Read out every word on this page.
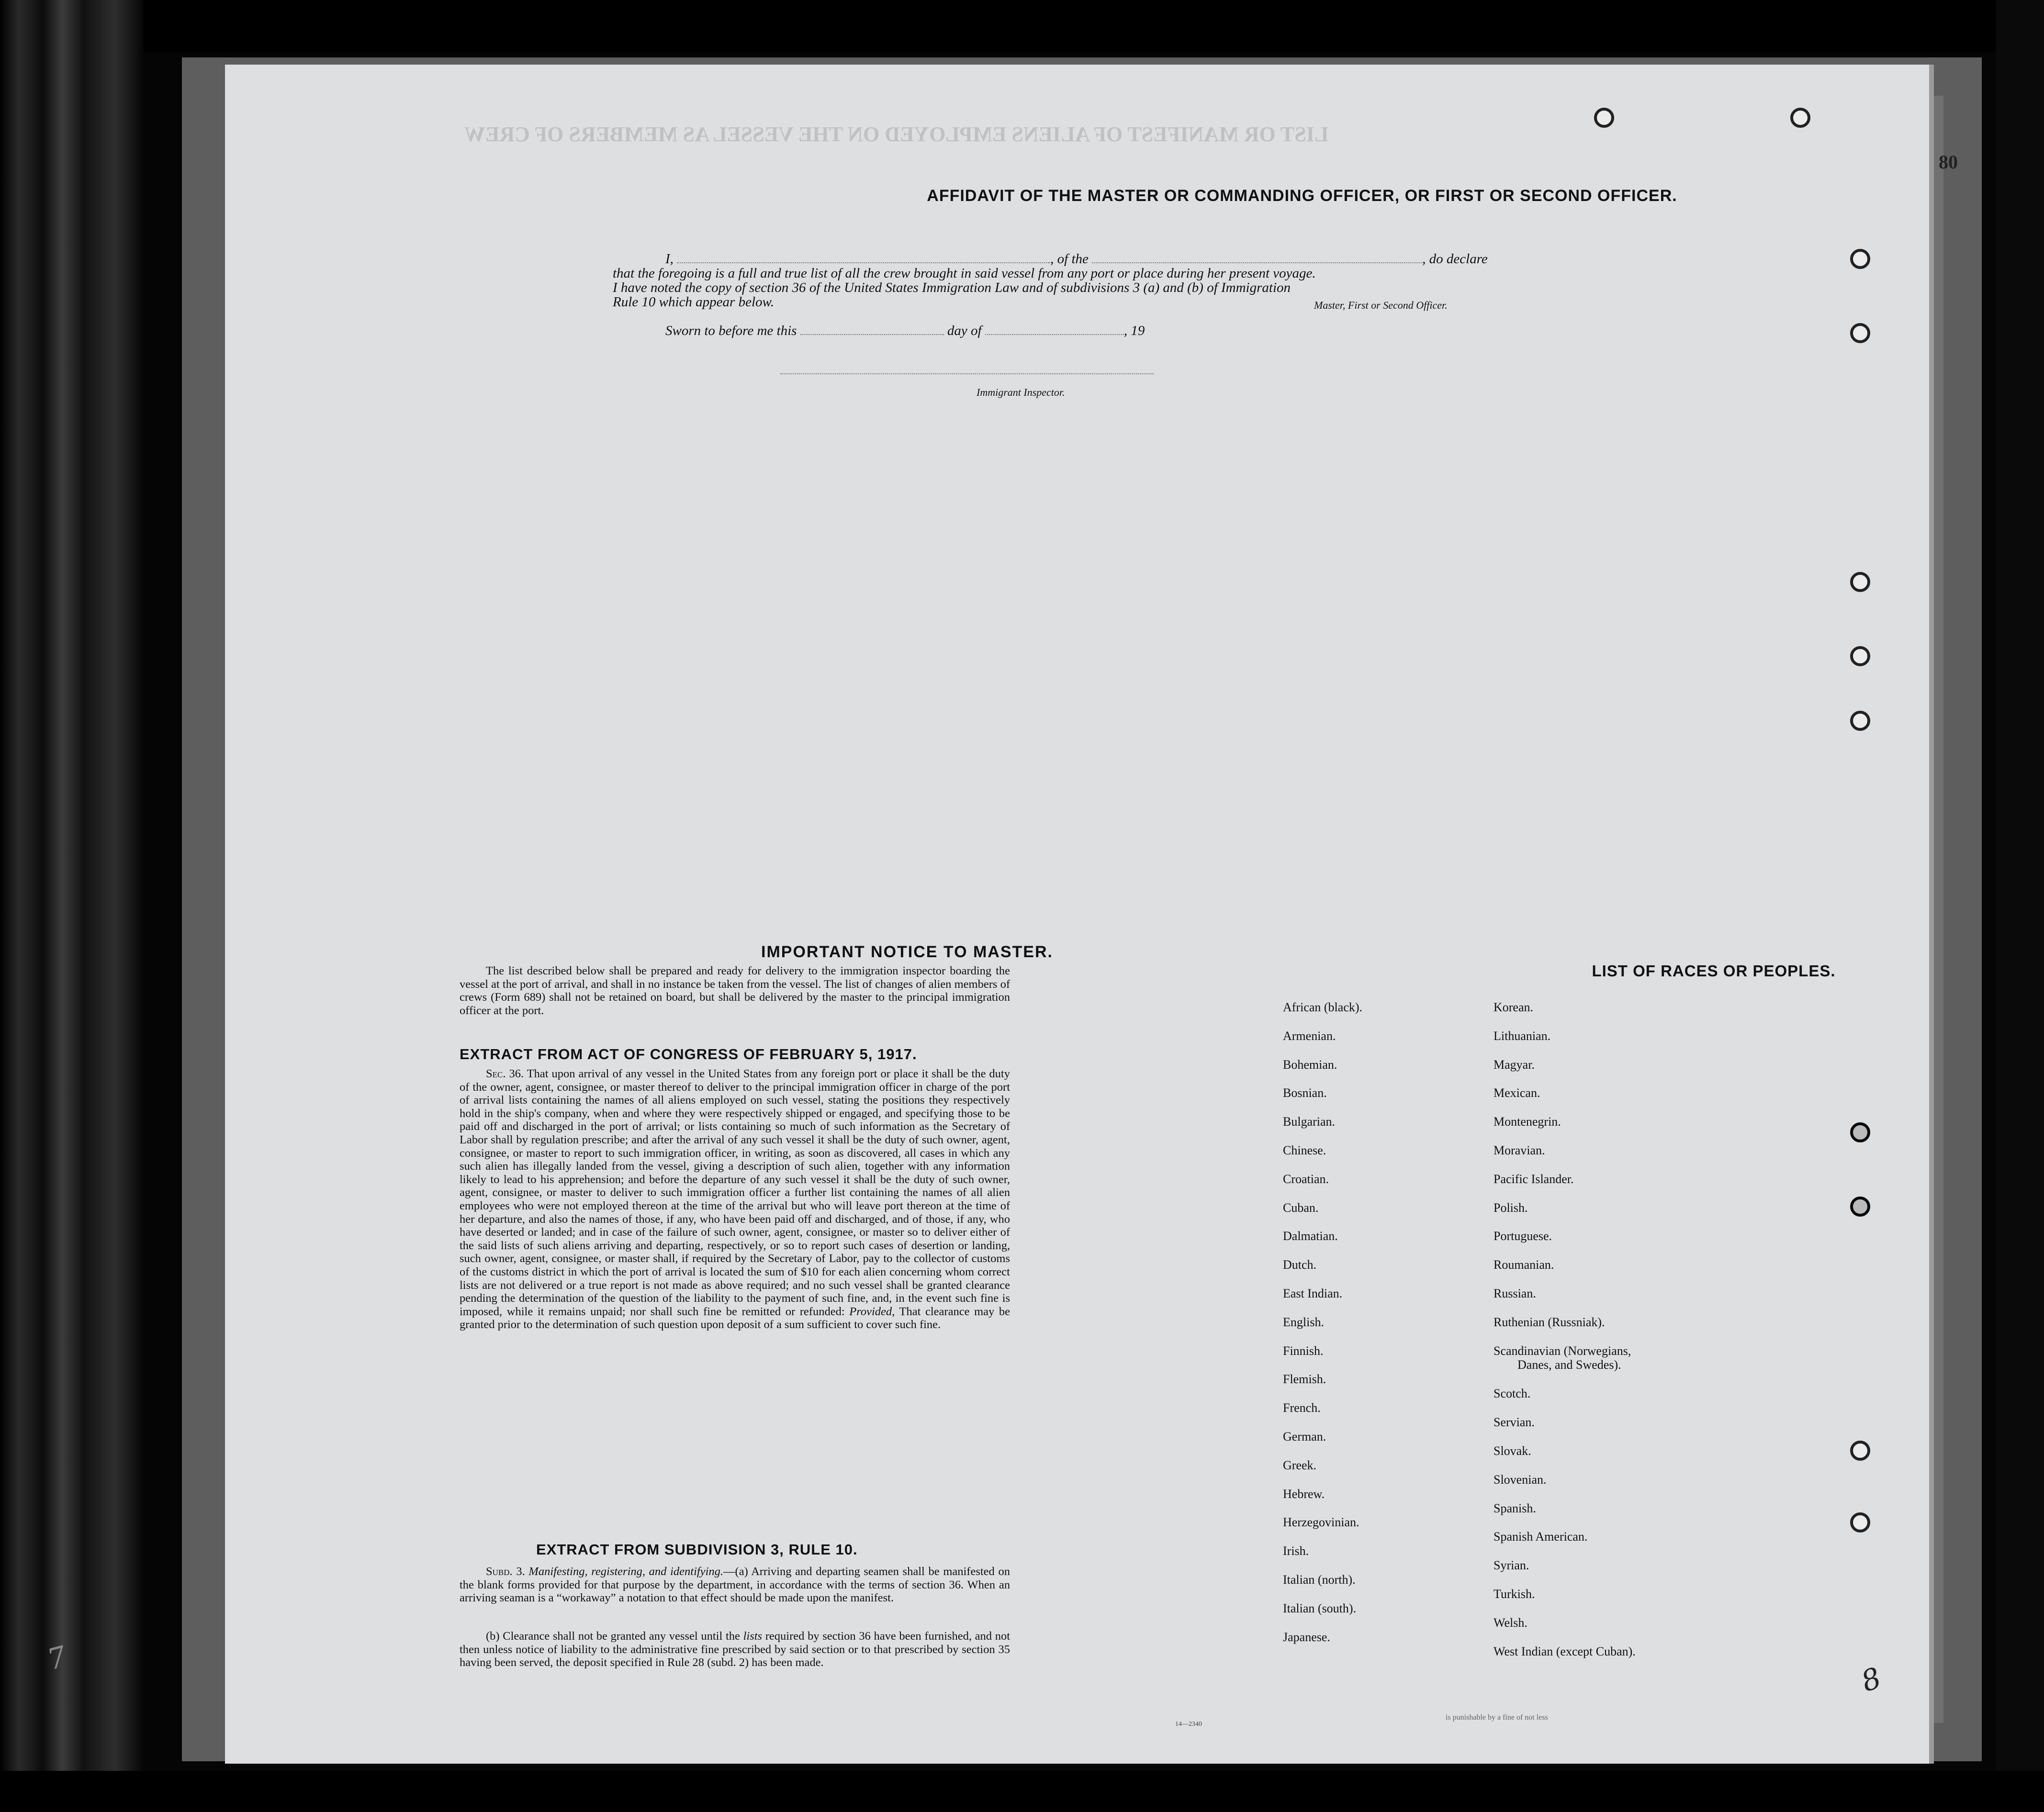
LIST OR MANIFEST OF ALIENS EMPLOYED ON THE VESSEL AS MEMBERS OF CREW
80
is punishable by a fine of not less
AFFIDAVIT OF THE MASTER OR COMMANDING OFFICER, OR FIRST OR SECOND OFFICER.
I,	, of the	, do declare
that the foregoing is a full and true list of all the crew brought in said vessel from any port or place during her present voyage.
I have noted the copy of section 36 of the United States Immigration Law and of subdivisions 3 (a) and (b) of Immigration
Rule 10 which appear below.	Master, First or Second Officer.
Sworn to before me this	day of	, 19
Immigrant Inspector.
IMPORTANT NOTICE TO MASTER.
The list described below shall be prepared and ready for delivery to the immigration inspector boarding the vessel at the port of arrival, and shall in no instance be taken from the vessel. The list of changes of alien members of crews (Form 689) shall not be retained on board, but shall be delivered by the master to the principal immigration officer at the port.
EXTRACT FROM ACT OF CONGRESS OF FEBRUARY 5, 1917.
Sec. 36. That upon arrival of any vessel in the United States from any foreign port or place it shall be the duty of the owner, agent, consignee, or master thereof to deliver to the principal immigration officer in charge of the port of arrival lists containing the names of all aliens employed on such vessel, stating the positions they respectively hold in the ship's company, when and where they were respectively shipped or engaged, and specifying those to be paid off and discharged in the port of arrival; or lists containing so much of such information as the Secretary of Labor shall by regulation prescribe; and after the arrival of any such vessel it shall be the duty of such owner, agent, consignee, or master to report to such immigration officer, in writing, as soon as discovered, all cases in which any such alien has illegally landed from the vessel, giving a description of such alien, together with any information likely to lead to his apprehension; and before the departure of any such vessel it shall be the duty of such owner, agent, consignee, or master to deliver to such immigration officer a further list containing the names of all alien employees who were not employed thereon at the time of the arrival but who will leave port thereon at the time of her departure, and also the names of those, if any, who have been paid off and discharged, and of those, if any, who have deserted or landed; and in case of the failure of such owner, agent, consignee, or master so to deliver either of the said lists of such aliens arriving and departing, respectively, or so to report such cases of desertion or landing, such owner, agent, consignee, or master shall, if required by the Secretary of Labor, pay to the collector of customs of the customs district in which the port of arrival is located the sum of $10 for each alien concerning whom correct lists are not delivered or a true report is not made as above required; and no such vessel shall be granted clearance pending the determination of the question of the liability to the payment of such fine, and, in the event such fine is imposed, while it remains unpaid; nor shall such fine be remitted or refunded: Provided, That clearance may be granted prior to the determination of such question upon deposit of a sum sufficient to cover such fine.
EXTRACT FROM SUBDIVISION 3, RULE 10.
Subd. 3. Manifesting, registering, and identifying.—(a) Arriving and departing seamen shall be manifested on the blank forms provided for that purpose by the department, in accordance with the terms of section 36. When an arriving seaman is a “workaway” a notation to that effect should be made upon the manifest.
(b) Clearance shall not be granted any vessel until the lists required by section 36 have been furnished, and not then unless notice of liability to the administrative fine prescribed by said section or to that prescribed by section 35 having been served, the deposit specified in Rule 28 (subd. 2) has been made.
14—2340
LIST OF RACES OR PEOPLES.
African (black).
Armenian.
Bohemian.
Bosnian.
Bulgarian.
Chinese.
Croatian.
Cuban.
Dalmatian.
Dutch.
East Indian.
English.
Finnish.
Flemish.
French.
German.
Greek.
Hebrew.
Herzegovinian.
Irish.
Italian (north).
Italian (south).
Japanese.
Korean.
Lithuanian.
Magyar.
Mexican.
Montenegrin.
Moravian.
Pacific Islander.
Polish.
Portuguese.
Roumanian.
Russian.
Ruthenian (Russniak).
Scandinavian (Norwegians,
Scotch.
Servian.
Slovak.
Slovenian.
Spanish.
Spanish American.
Syrian.
Turkish.
Welsh.
West Indian (except Cuban).
Danes, and Swedes).
8
7
